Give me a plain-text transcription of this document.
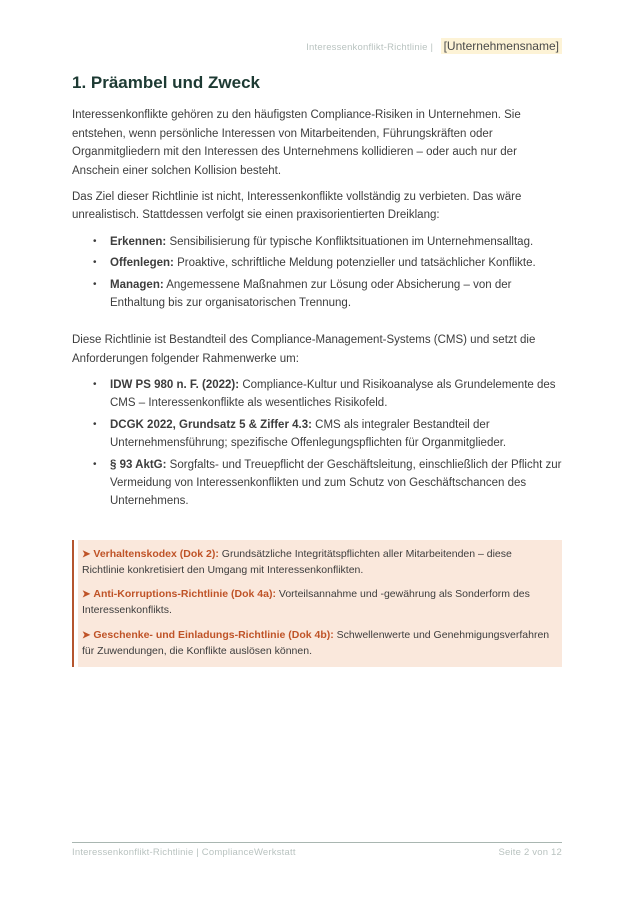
Interessenkonflikt-Richtlinie | [Unternehmensname]
1. Präambel und Zweck

Interessenkonflikte gehören zu den häufigsten Compliance-Risiken in Unternehmen. Sie entstehen, wenn persönliche Interessen von Mitarbeitenden, Führungskräften oder Organmitgliedern mit den Interessen des Unternehmens kollidieren – oder auch nur der Anschein einer solchen Kollision besteht.

Das Ziel dieser Richtlinie ist nicht, Interessenkonflikte vollständig zu verbieten. Das wäre unrealistisch. Stattdessen verfolgt sie einen praxisorientierten Dreiklang:

• Erkennen: Sensibilisierung für typische Konfliktsituationen im Unternehmensalltag.
• Offenlegen: Proaktive, schriftliche Meldung potenzieller und tatsächlicher Konflikte.
• Managen: Angemessene Maßnahmen zur Lösung oder Absicherung – von der Enthaltung bis zur organisatorischen Trennung.

Diese Richtlinie ist Bestandteil des Compliance-Management-Systems (CMS) und setzt die Anforderungen folgender Rahmenwerke um:

• IDW PS 980 n. F. (2022): Compliance-Kultur und Risikoanalyse als Grundelemente des CMS – Interessenkonflikte als wesentliches Risikofeld.
• DCGK 2022, Grundsatz 5 & Ziffer 4.3: CMS als integraler Bestandteil der Unternehmensführung; spezifische Offenlegungspflichten für Organmitglieder.
• § 93 AktG: Sorgfalts- und Treuepflicht der Geschäftsleitung, einschließlich der Pflicht zur Vermeidung von Interessenkonflikten und zum Schutz von Geschäftschancen des Unternehmens.

➤ Verhaltenskodex (Dok 2): Grundsätzliche Integritätspflichten aller Mitarbeitenden – diese Richtlinie konkretisiert den Umgang mit Interessenkonflikten.

➤ Anti-Korruptions-Richtlinie (Dok 4a): Vorteilsannahme und -gewährung als Sonderform des Interessenkonflikts.

➤ Geschenke- und Einladungs-Richtlinie (Dok 4b): Schwellenwerte und Genehmigungsverfahren für Zuwendungen, die Konflikte auslösen können.

Interessenkonflikt-Richtlinie | ComplianceWerkstatt	Seite 2 von 12
